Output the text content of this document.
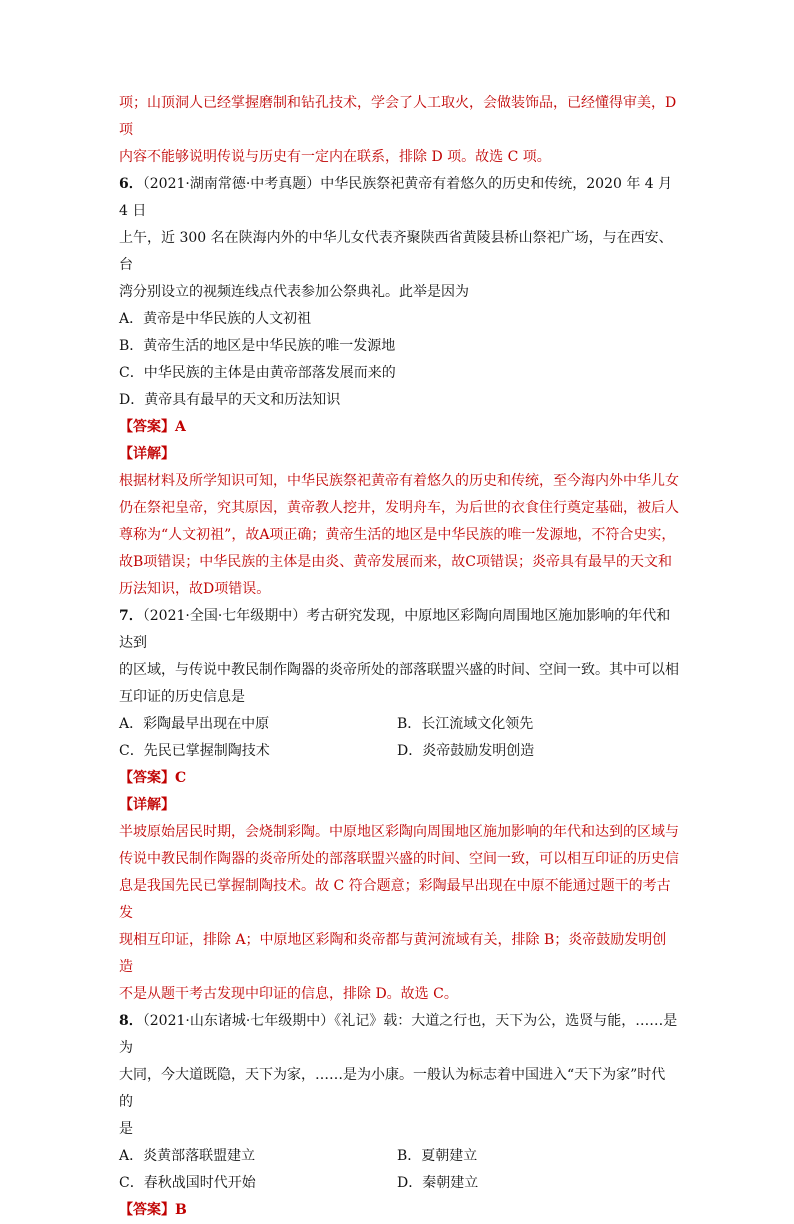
项；山顶洞人已经掌握磨制和钻孔技术，学会了人工取火，会做装饰品，已经懂得审美，D 项

内容不能够说明传说与历史有一定内在联系，排除 D 项。故选 C 项。

6．（2021·湖南常德·中考真题）中华民族祭祀黄帝有着悠久的历史和传统，2020 年 4 月 4 日

上午，近 300 名在陕海内外的中华儿女代表齐聚陕西省黄陵县桥山祭祀广场，与在西安、台

湾分别设立的视频连线点代表参加公祭典礼。此举是因为

A．黄帝是中华民族的人文初祖

B．黄帝生活的地区是中华民族的唯一发源地

C．中华民族的主体是由黄帝部落发展而来的

D．黄帝具有最早的天文和历法知识

【答案】A

【详解】

根据材料及所学知识可知，中华民族祭祀黄帝有着悠久的历史和传统，至今海内外中华儿女

仍在祭祀皇帝，究其原因，黄帝教人挖井，发明舟车，为后世的衣食住行奠定基础，被后人

尊称为“人文初祖”，故A项正确；黄帝生活的地区是中华民族的唯一发源地，不符合史实，

故B项错误；中华民族的主体是由炎、黄帝发展而来，故C项错误；炎帝具有最早的天文和

历法知识，故D项错误。

7．（2021·全国·七年级期中）考古研究发现，中原地区彩陶向周围地区施加影响的年代和达到

的区域，与传说中教民制作陶器的炎帝所处的部落联盟兴盛的时间、空间一致。其中可以相

互印证的历史信息是

A．彩陶最早出现在中原	B．长江流域文化领先

C．先民已掌握制陶技术	D．炎帝鼓励发明创造

【答案】C

【详解】

半坡原始居民时期，会烧制彩陶。中原地区彩陶向周围地区施加影响的年代和达到的区域与

传说中教民制作陶器的炎帝所处的部落联盟兴盛的时间、空间一致，可以相互印证的历史信

息是我国先民已掌握制陶技术。故 C 符合题意；彩陶最早出现在中原不能通过题干的考古发

现相互印证，排除 A；中原地区彩陶和炎帝都与黄河流域有关，排除 B；炎帝鼓励发明创造

不是从题干考古发现中印证的信息，排除 D。故选 C。

8．（2021·山东诸城·七年级期中）《礼记》载：大道之行也，天下为公，选贤与能，……是为

大同，今大道既隐，天下为家，……是为小康。一般认为标志着中国进入“天下为家”时代的

是

A．炎黄部落联盟建立	B．夏朝建立

C．春秋战国时代开始	D．秦朝建立

【答案】B
